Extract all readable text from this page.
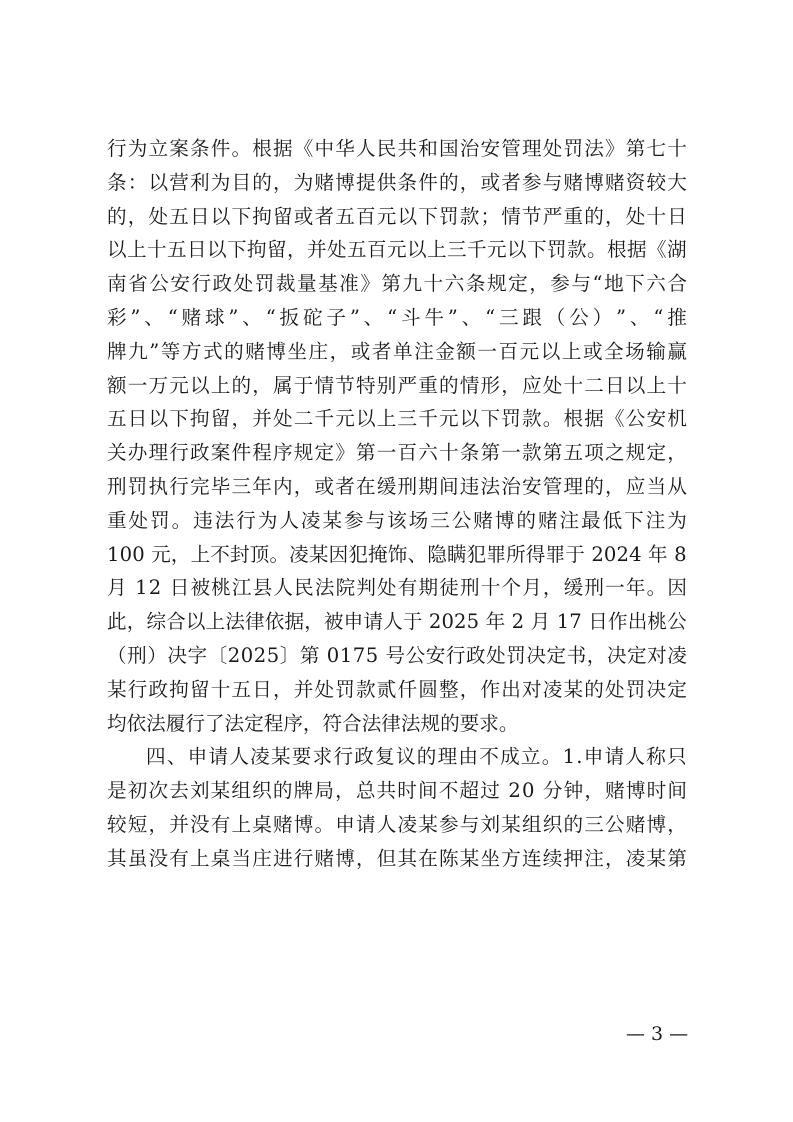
行 为 立 案 条 件 。 根 据 《 中 华 人 民 共 和 国 治 安 管 理 处 罚 法 》 第 七 十
条 ： 以 营 利 为 目 的 ， 为 赌 博 提 供 条 件 的 ， 或 者 参 与 赌 博 赌 资 较 大
的 ， 处 五 日 以 下 拘 留 或 者 五 百 元 以 下 罚 款 ； 情 节 严 重 的 ， 处 十 日
以 上 十 五 日 以 下 拘 留 ， 并 处 五 百 元 以 上 三 千 元 以 下 罚 款 。 根 据 《 湖
南 省 公 安 行 政 处 罚 裁 量 基 准 》 第 九 十 六 条 规 定 ， 参 与 “ 地 下 六 合
彩 ” 、 “ 赌 球 ” 、 “ 扳 砣 子 ” 、 “ 斗 牛 ” 、 “ 三 跟 （ 公 ） ” 、 “ 推
牌 九 ” 等 方 式 的 赌 博 坐 庄 ， 或 者 单 注 金 额 一 百 元 以 上 或 全 场 输 赢
额 一 万 元 以 上 的 ， 属 于 情 节 特 别 严 重 的 情 形 ， 应 处 十 二 日 以 上 十
五 日 以 下 拘 留 ， 并 处 二 千 元 以 上 三 千 元 以 下 罚 款 。 根 据 《 公 安 机
关 办 理 行 政 案 件 程 序 规 定 》 第 一 百 六 十 条 第 一 款 第 五 项 之 规 定 ，
刑 罚 执 行 完 毕 三 年 内 ， 或 者 在 缓 刑 期 间 违 法 治 安 管 理 的 ， 应 当 从
重 处 罚 。 违 法 行 为 人 凌 某 参 与 该 场 三 公 赌 博 的 赌 注 最 低 下 注 为
1 0 0
元 ， 上 不 封 顶 。 凌 某 因 犯 掩 饰 、 隐 瞒 犯 罪 所 得 罪 于
2 0 2 4
年
8
月
1 2
日 被 桃 江 县 人 民 法 院 判 处 有 期 徒 刑 十 个 月 ， 缓 刑 一 年 。 因
此 ， 综 合 以 上 法 律 依 据 ， 被 申 请 人 于
2 0 2 5
年
2
月
1 7
日 作 出 桃 公
（ 刑 ） 决 字 〔 2 0 2 5 〕 第
0 1 7 5
号 公 安 行 政 处 罚 决 定 书 ， 决 定 对 凌
某 行 政 拘 留 十 五 日 ， 并 处 罚 款 贰 仟 圆 整 ， 作 出 对 凌 某 的 处 罚 决 定
均依法履行了法定程序，符合法律法规的要求。
四 、 申 请 人 凌 某 要 求 行 政 复 议 的 理 由 不 成 立 。 1 . 申 请 人 称 只
是 初 次 去 刘 某 组 织 的 牌 局 ， 总 共 时 间 不 超 过
2 0
分 钟 ， 赌 博 时 间
较 短 ， 并 没 有 上 桌 赌 博 。 申 请 人 凌 某 参 与 刘 某 组 织 的 三 公 赌 博 ，
其 虽 没 有 上 桌 当 庄 进 行 赌 博 ， 但 其 在 陈 某 坐 方 连 续 押 注 ， 凌 某 第
— 3 —
